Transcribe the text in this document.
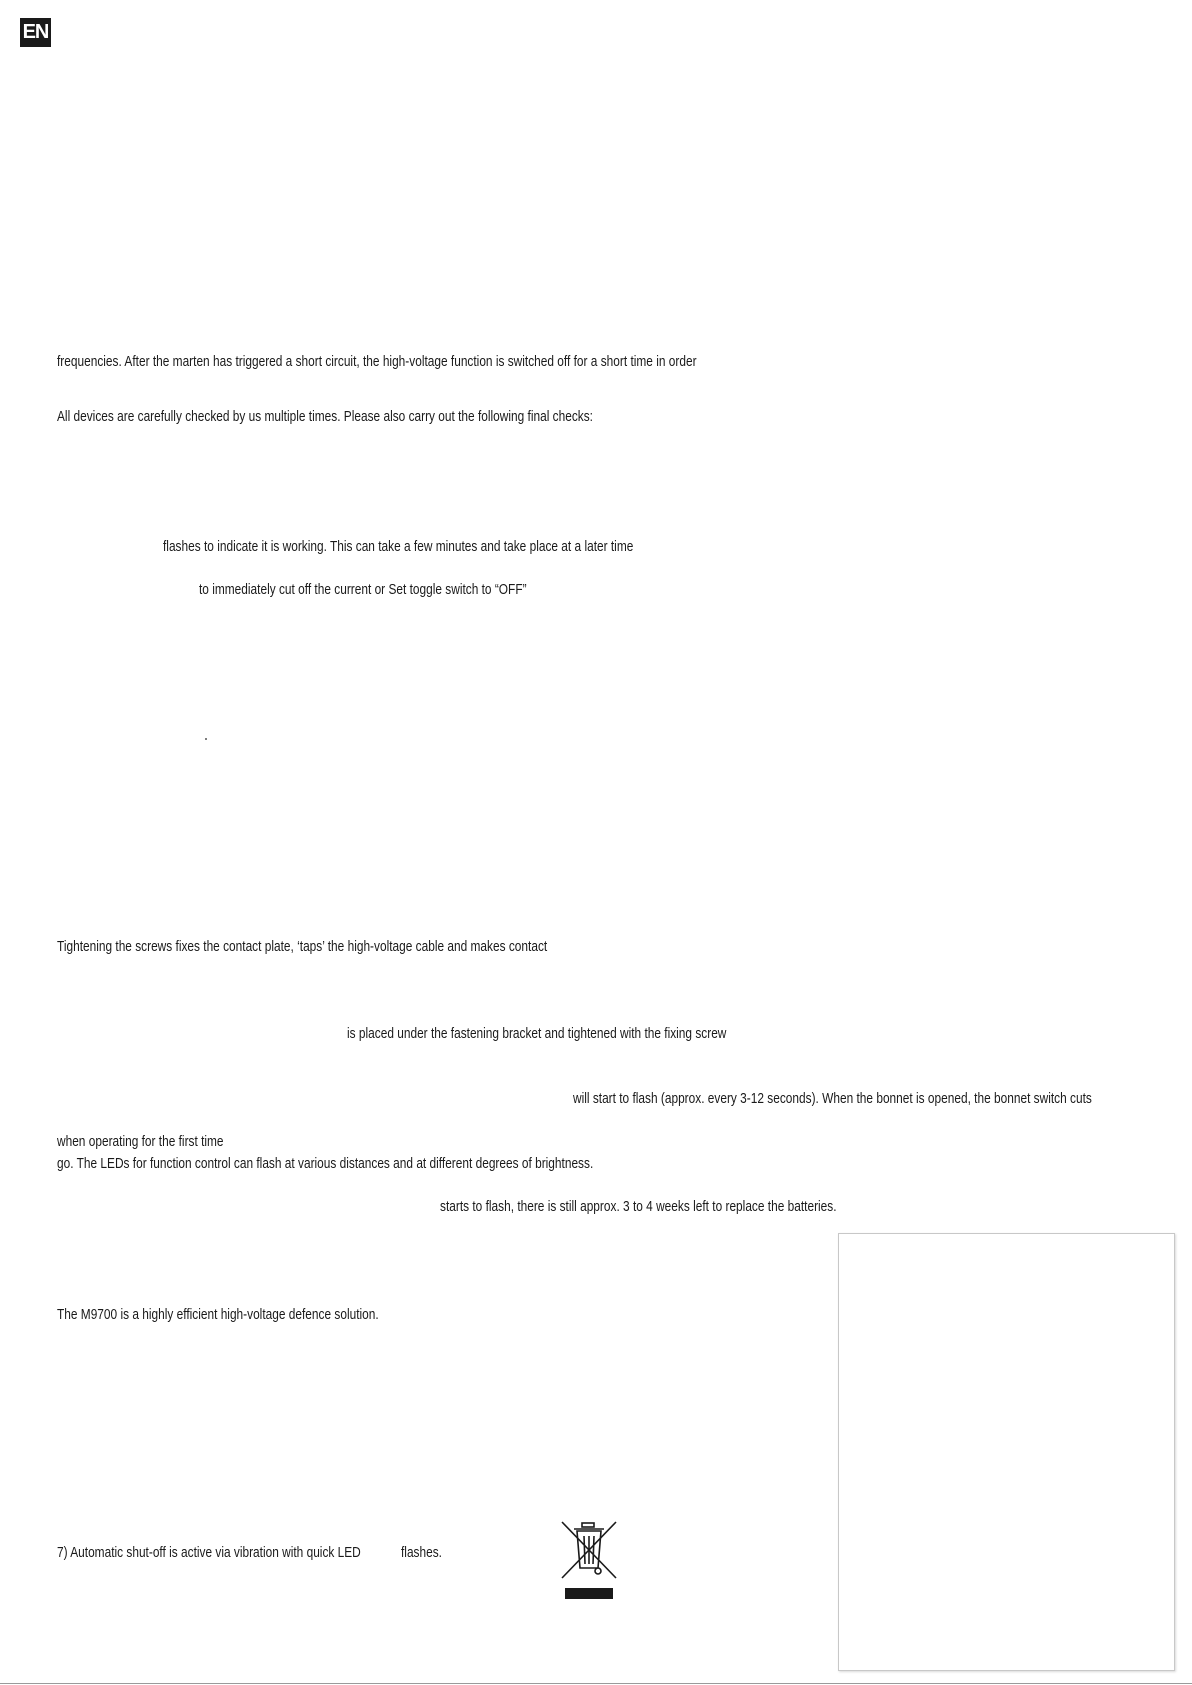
EN
frequencies. After the marten has triggered a short circuit, the high-voltage function is switched off for a short time in order
All devices are carefully checked by us multiple times. Please also carry out the following final checks:
flashes to indicate it is working. This can take a few minutes and take place at a later time
to immediately cut off the current or Set toggle switch to “OFF”
Tightening the screws fixes the contact plate, ‘taps’ the high-voltage cable and makes contact
is placed under the fastening bracket and tightened with the fixing screw
will start to flash (approx. every 3-12 seconds). When the bonnet is opened, the bonnet switch cuts
when operating for the first time
go. The LEDs for function control can flash at various distances and at different degrees of brightness.
starts to flash, there is still approx. 3 to 4 weeks left to replace the batteries.
The M9700 is a highly efficient high-voltage defence solution.
7) Automatic shut-off is active via vibration with quick LED	flashes.
